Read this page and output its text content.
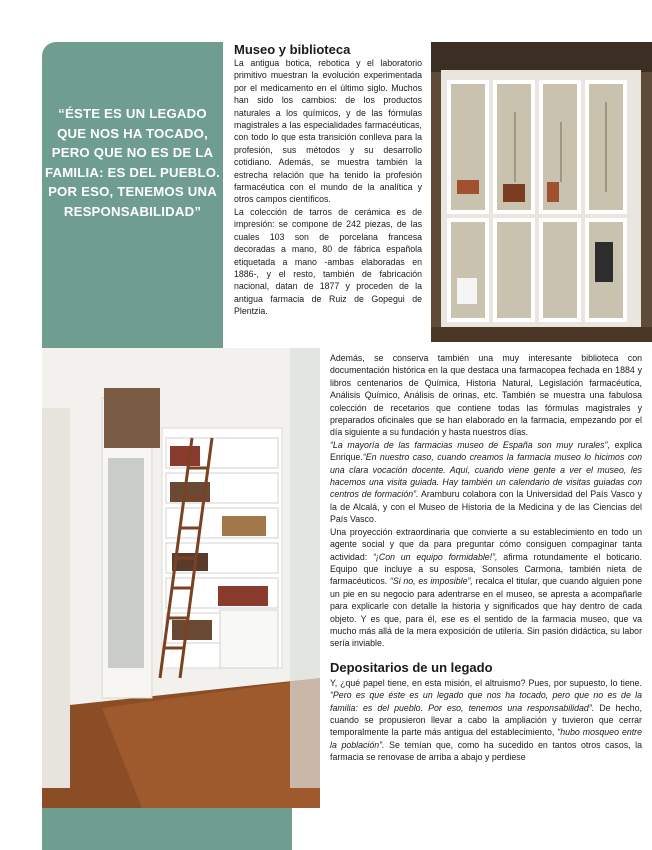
“ÉSTE ES UN LEGADO QUE NOS HA TOCADO, PERO QUE NO ES DE LA FAMILIA: ES DEL PUEBLO. POR ESO, TENEMOS UNA RESPONSABILIDAD”
Museo y biblioteca

La antigua botica, rebotica y el laboratorio primitivo muestran la evolución experimentada por el medicamento en el último siglo. Muchos han sido los cambios: de los productos naturales a los químicos, y de las fórmulas magistrales a las especialidades farmacéuticas, con todo lo que esta transición conlleva para la profesión, sus métodos y su desarrollo cotidiano. Además, se muestra también la estrecha relación que ha tenido la profesión farmacéutica con el mundo de la analítica y otros campos científicos.

La colección de tarros de cerámica es de impresión: se compone de 242 piezas, de las cuales 103 son de porcelana francesa decoradas a mano, 80 de fábrica española etiquetada a mano -ambas elaboradas en 1886-, y el resto, también de fabricación nacional, datan de 1877 y proceden de la antigua farmacia de Ruiz de Gopegui de Plentzia.

Además, se conserva también una muy interesante biblioteca con documentación histórica en la que destaca una farmacopea fechada en 1884 y libros centenarios de Química, Historia Natural, Legislación farmacéutica, Análisis Químico, Análisis de orinas, etc. También se muestra una fabulosa colección de recetarios que contiene todas las fórmulas magistrales y preparados oficinales que se han elaborado en la farmacia, empezando por el día siguiente a su fundación y hasta nuestros días.

“La mayoría de las farmacias museo de España son muy rurales”, explica Enrique.“En nuestro caso, cuando creamos la farmacia museo lo hicimos con una clara vocación docente. Aquí, cuando viene gente a ver el museo, les hacemos una visita guiada. Hay también un calendario de visitas guiadas con centros de formación”. Aramburu colabora con la Universidad del País Vasco y la de Alcalá, y con el Museo de Historia de la Medicina y de las Ciencias del País Vasco.

Una proyección extraordinaria que convierte a su establecimiento en todo un agente social y que da para preguntar cómo consiguen compaginar tanta actividad: “¡Con un equipo formidable!”, afirma rotundamente el boticario. Equipo que incluye a su esposa, Sonsoles Carmona, también nieta de farmacéuticos. “Si no, es imposible”, recalca el titular, que cuando alguien pone un pie en su negocio para adentrarse en el museo, se apresta a acompañarle para explicarle con detalle la historia y significados que hay dentro de cada objeto. Y es que, para él, ese es el sentido de la farmacia museo, que va mucho más allá de la mera exposición de utilería. Sin pasión didáctica, su labor sería inviable.

Depositarios de un legado

Y, ¿qué papel tiene, en esta misión, el altruismo? Pues, por supuesto, lo tiene. “Pero es que éste es un legado que nos ha tocado, pero que no es de la familia: es del pueblo. Por eso, tenemos una responsabilidad”. De hecho, cuando se propusieron llevar a cabo la ampliación y tuvieron que cerrar temporalmente la parte más antigua del establecimiento, “hubo mosqueo entre la población”. Se temían que, como ha sucedido en tantos otros casos, la farmacia se renovase de arriba a abajo y perdiese
